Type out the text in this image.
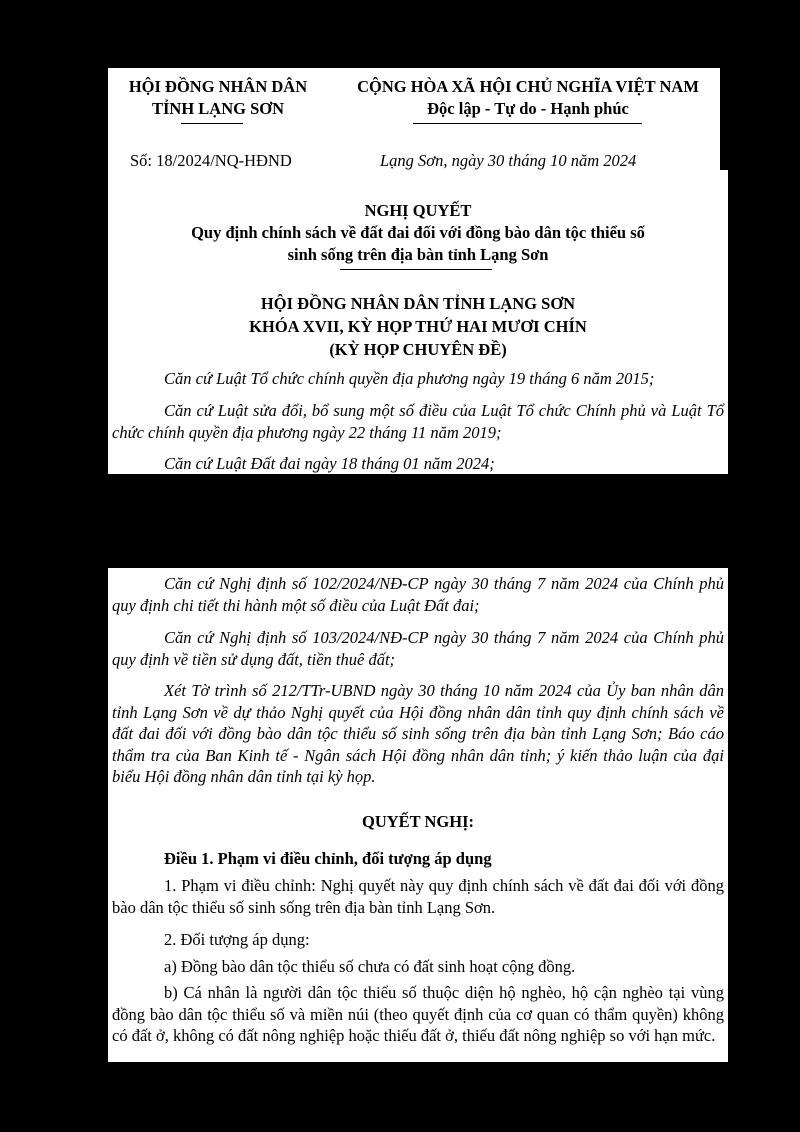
HỘI ĐỒNG NHÂN DÂN
TỈNH LẠNG SƠN
CỘNG HÒA XÃ HỘI CHỦ NGHĨA VIỆT NAM
Độc lập - Tự do - Hạnh phúc
Số: 18/2024/NQ-HĐND	Lạng Sơn, ngày 30 tháng 10 năm 2024
NGHỊ QUYẾT
Quy định chính sách về đất đai đối với đồng bào dân tộc thiểu số
sinh sống trên địa bàn tỉnh Lạng Sơn
HỘI ĐỒNG NHÂN DÂN TỈNH LẠNG SƠN
KHÓA XVII, KỲ HỌP THỨ HAI MƯƠI CHÍN
(KỲ HỌP CHUYÊN ĐỀ)
Căn cứ Luật Tổ chức chính quyền địa phương ngày 19 tháng 6 năm 2015;
Căn cứ Luật sửa đổi, bổ sung một số điều của Luật Tổ chức Chính phủ và Luật Tổ chức chính quyền địa phương ngày 22 tháng 11 năm 2019;
Căn cứ Luật Đất đai ngày 18 tháng 01 năm 2024;
Căn cứ Nghị định số 102/2024/NĐ-CP ngày 30 tháng 7 năm 2024 của Chính phủ quy định chi tiết thi hành một số điều của Luật Đất đai;
Căn cứ Nghị định số 103/2024/NĐ-CP ngày 30 tháng 7 năm 2024 của Chính phủ quy định về tiền sử dụng đất, tiền thuê đất;
Xét Tờ trình số 212/TTr-UBND ngày 30 tháng 10 năm 2024 của Ủy ban nhân dân tỉnh Lạng Sơn về dự thảo Nghị quyết của Hội đồng nhân dân tỉnh quy định chính sách về đất đai đối với đồng bào dân tộc thiểu số sinh sống trên địa bàn tỉnh Lạng Sơn; Báo cáo thẩm tra của Ban Kinh tế - Ngân sách Hội đồng nhân dân tỉnh; ý kiến thảo luận của đại biểu Hội đồng nhân dân tỉnh tại kỳ họp.
QUYẾT NGHỊ:
Điều 1. Phạm vi điều chỉnh, đối tượng áp dụng
1. Phạm vi điều chỉnh: Nghị quyết này quy định chính sách về đất đai đối với đồng bào dân tộc thiểu số sinh sống trên địa bàn tỉnh Lạng Sơn.
2. Đối tượng áp dụng:
a) Đồng bào dân tộc thiểu số chưa có đất sinh hoạt cộng đồng.
b) Cá nhân là người dân tộc thiểu số thuộc diện hộ nghèo, hộ cận nghèo tại vùng đồng bào dân tộc thiểu số và miền núi (theo quyết định của cơ quan có thẩm quyền) không có đất ở, không có đất nông nghiệp hoặc thiếu đất ở, thiếu đất nông nghiệp so với hạn mức.
